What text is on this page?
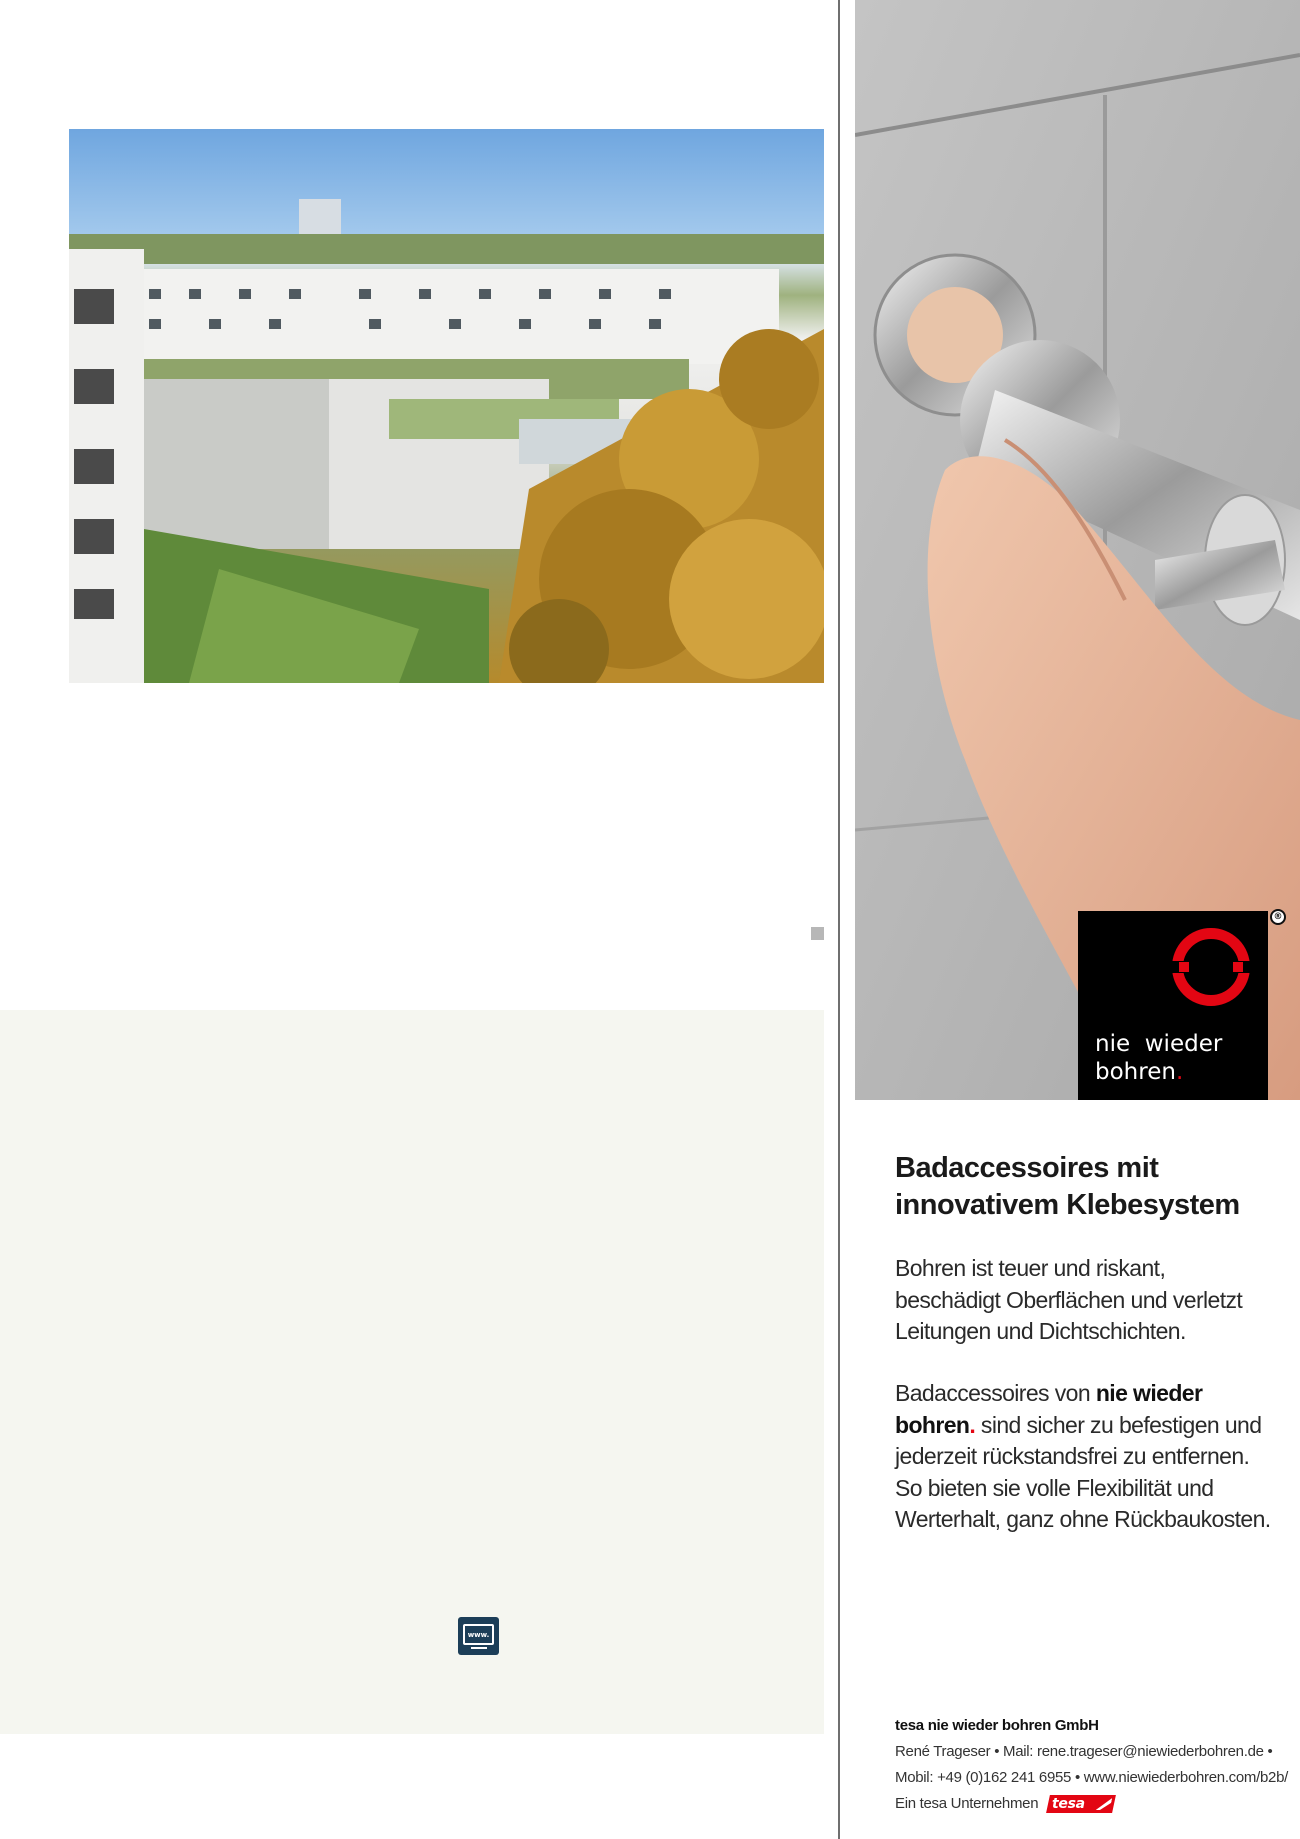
www.
nie  wieder
bohren.
®
Badaccessoires mit innovativem Klebesystem

Bohren ist teuer und riskant, beschädigt Oberflächen und verletzt Leitungen und Dichtschichten.

Badaccessoires von nie wieder bohren. sind sicher zu befestigen und jederzeit rückstandsfrei zu entfernen. So bieten sie volle Flexibilität und Werterhalt, ganz ohne Rückbaukosten.

tesa nie wieder bohren GmbH
René Trageser • Mail: rene.trageser@niewiederbohren.de •
Mobil: +49 (0)162 241 6955 • www.niewiederbohren.com/b2b/
Ein tesa Unternehmen tesa
